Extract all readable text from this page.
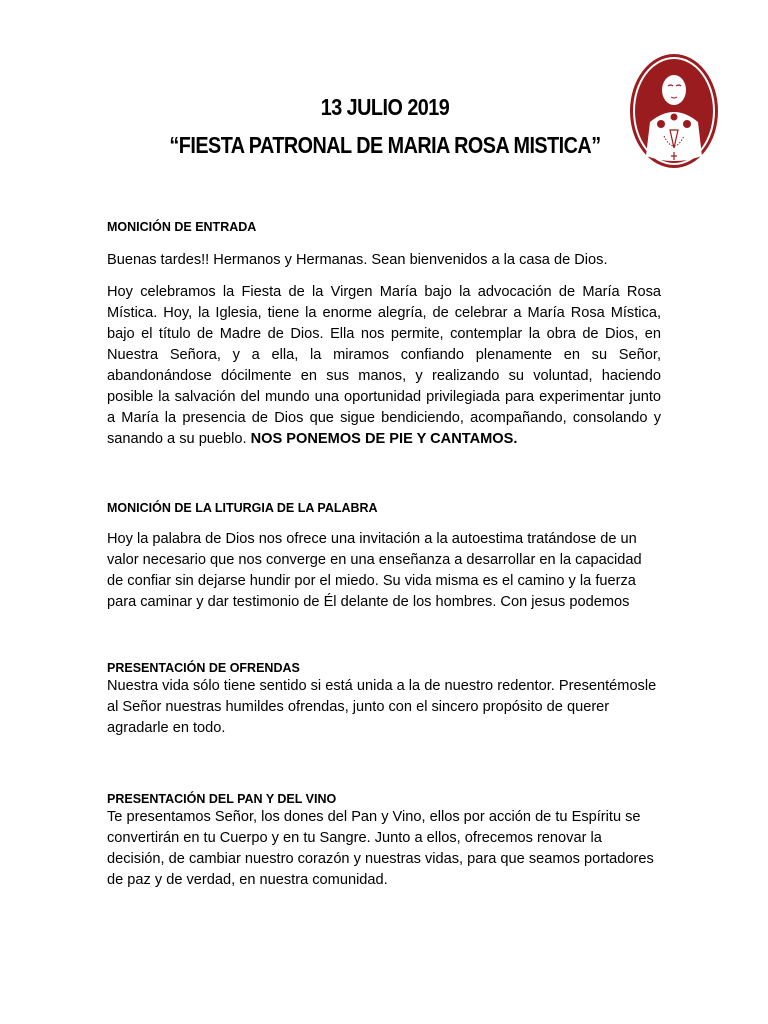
13 JULIO 2019
“FIESTA PATRONAL DE MARIA ROSA MISTICA”

MONICIÓN DE ENTRADA

Buenas tardes!! Hermanos y Hermanas. Sean bienvenidos a la casa de Dios.

Hoy celebramos la Fiesta de la Virgen María bajo la advocación de María Rosa Mística. Hoy, la Iglesia, tiene la enorme alegría, de celebrar a María Rosa Mística, bajo el título de Madre de Dios. Ella nos permite, contemplar la obra de Dios, en Nuestra Señora, y a ella, la miramos confiando plenamente en su Señor, abandonándose dócilmente en sus manos, y realizando su voluntad, haciendo posible la salvación del mundo una oportunidad privilegiada para experimentar junto a María la presencia de Dios que sigue bendiciendo, acompañando, consolando y sanando a su pueblo. NOS PONEMOS DE PIE Y CANTAMOS.

MONICIÓN DE LA LITURGIA DE LA PALABRA

Hoy la palabra de Dios nos ofrece una invitación a la autoestima tratándose de un valor necesario que nos converge en una enseñanza a desarrollar en la capacidad de confiar sin dejarse hundir por el miedo. Su vida misma es el camino y la fuerza para caminar y dar testimonio de Él delante de los hombres. Con jesus podemos

PRESENTACIÓN DE OFRENDAS

Nuestra vida sólo tiene sentido si está unida a la de nuestro redentor. Presentémosle al Señor nuestras humildes ofrendas, junto con el sincero propósito de querer agradarle en todo.

PRESENTACIÓN DEL PAN Y DEL VINO

Te presentamos Señor, los dones del Pan y Vino, ellos por acción de tu Espíritu se convertirán en tu Cuerpo y en tu Sangre. Junto a ellos, ofrecemos renovar la decisión, de cambiar nuestro corazón y nuestras vidas, para que seamos portadores de paz y de verdad, en nuestra comunidad.
